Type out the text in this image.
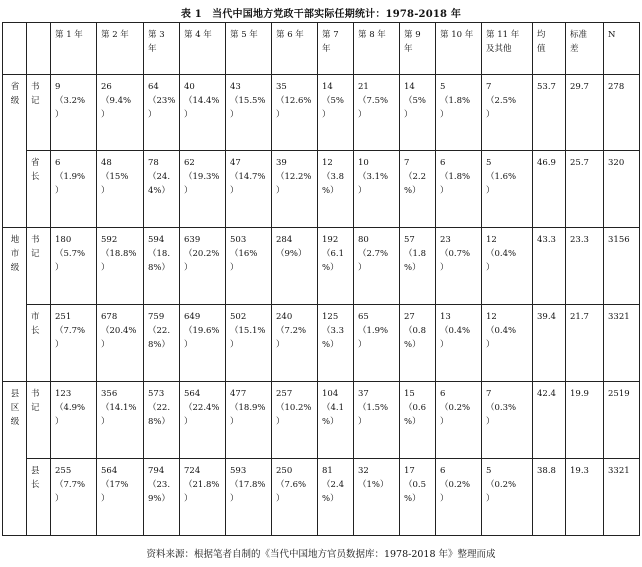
表 1　当代中国地方党政干部实际任期统计：1978-2018 年
		第 1 年	第 2 年	第 3
年	第 4 年	第 5 年	第 6 年	第 7
年	第 8 年	第 9
年	第 10 年	第 11 年
及其他	均
值	标准
差	N
省
级	书
记	9
（3.2%
）	26
（9.4%
）	64
（23%
）	40
（14.4%
）	43
（15.5%
）	35
（12.6%
）	14
（5%
）	21
（7.5%
）	14
（5%
）	5
（1.8%
）	7
（2.5%
）	53.7	29.7	278
	省
长	6
（1.9%
）	48
（15%
）	78
（24.
4%）	62
（19.3%
）	47
（14.7%
）	39
（12.2%
）	12
（3.8
%）	10
（3.1%
）	7
（2.2
%）	6
（1.8%
）	5
（1.6%
）	46.9	25.7	320
地
市
级	书
记	180
（5.7%
）	592
（18.8%
）	594
（18.
8%）	639
（20.2%
）	503
（16%
）	284
（9%）	192
（6.1
%）	80
（2.7%
）	57
（1.8
%）	23
（0.7%
）	12
（0.4%
）	43.3	23.3	3156
	市
长	251
（7.7%
）	678
（20.4%
）	759
（22.
8%）	649
（19.6%
）	502
（15.1%
）	240
（7.2%
）	125
（3.3
%）	65
（1.9%
）	27
（0.8
%）	13
（0.4%
）	12
（0.4%
）	39.4	21.7	3321
县
区
级	书
记	123
（4.9%
）	356
（14.1%
）	573
（22.
8%）	564
（22.4%
）	477
（18.9%
）	257
（10.2%
）	104
（4.1
%）	37
（1.5%
）	15
（0.6
%）	6
（0.2%
）	7
（0.3%
）	42.4	19.9	2519
	县
长	255
（7.7%
）	564
（17%
）	794
（23.
9%）	724
（21.8%
）	593
（17.8%
）	250
（7.6%
）	81
（2.4
%）	32
（1%）	17
（0.5
%）	6
（0.2%
）	5
（0.2%
）	38.8	19.3	3321
资料来源：根据笔者自制的《当代中国地方官员数据库：1978-2018 年》整理而成
